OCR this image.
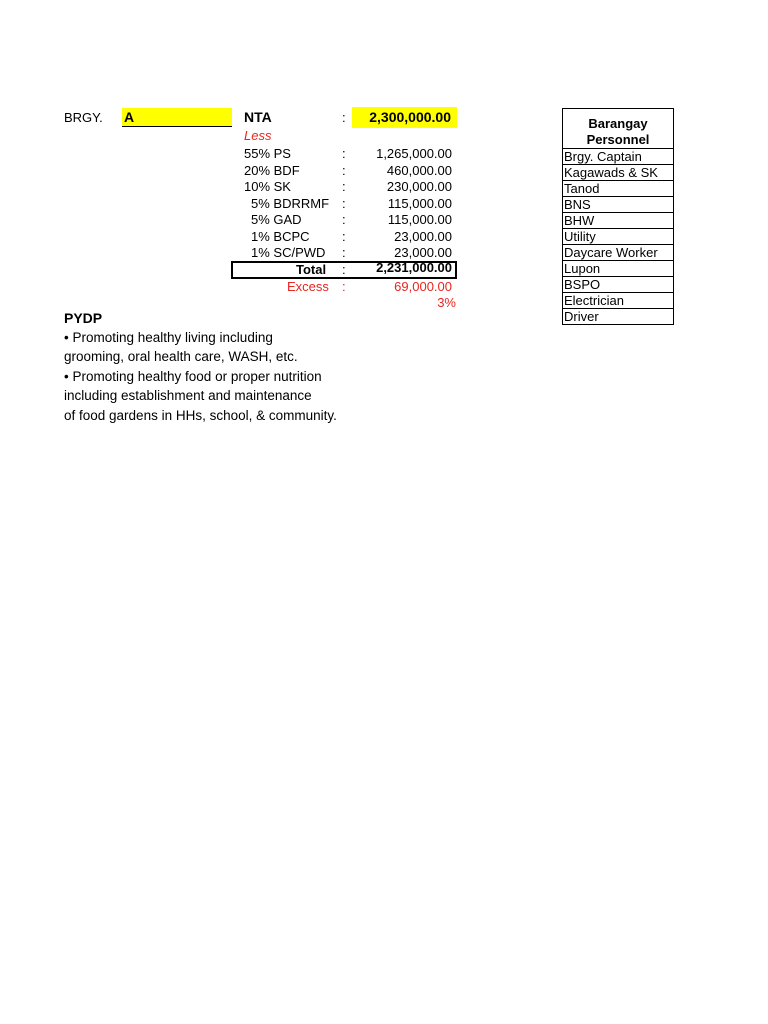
BRGY. A	NTA	:	2,300,000.00
Less
55% PS	:	1,265,000.00
20% BDF	:	460,000.00
10% SK	:	230,000.00
5% BDRRMF :	115,000.00
5% GAD	:	115,000.00
1% BCPC :	23,000.00
1% SC/PWD :	23,000.00
Total :	2,231,000.00
Excess :	69,000.00
3%
PYDP
• Promoting healthy living including
grooming, oral health care, WASH, etc.
• Promoting healthy food or proper nutrition
including establishment and maintenance
of food gardens in HHs, school, & community.
Barangay
Personnel
Brgy. Captain
Kagawads & SK
Tanod
BNS
BHW
Utility
Daycare Worker
Lupon
BSPO
Electrician
Driver
